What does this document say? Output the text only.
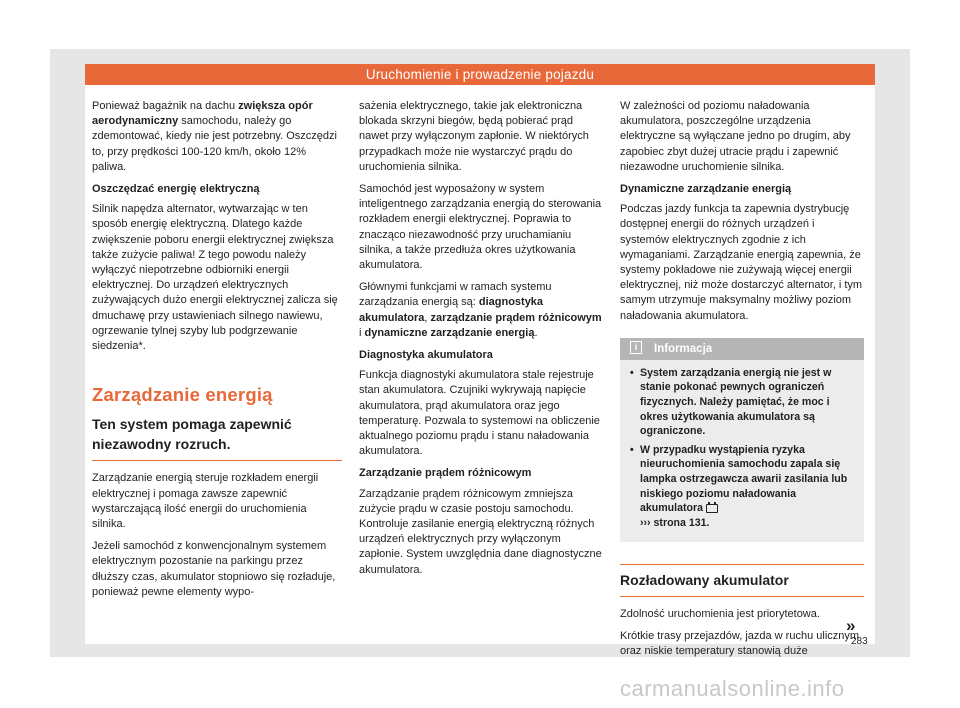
Uruchomienie i prowadzenie pojazdu

Ponieważ bagażnik na dachu zwiększa opór aerodynamiczny samochodu, należy go zdemontować, kiedy nie jest potrzebny. Oszczędzi to, przy prędkości 100-120 km/h, około 12% paliwa.

Oszczędzać energię elektryczną

Silnik napędza alternator, wytwarzając w ten sposób energię elektryczną. Dlatego każde zwiększenie poboru energii elektrycznej zwiększa także zużycie paliwa! Z tego powodu należy wyłączyć niepotrzebne odbiorniki energii elektrycznej. Do urządzeń elektrycznych zużywających dużo energii elektrycznej zalicza się dmuchawę przy ustawieniach silnego nawiewu, ogrzewanie tylnej szyby lub podgrzewanie siedzenia*.

Zarządzanie energią
Ten system pomaga zapewnić niezawodny rozruch.

Zarządzanie energią steruje rozkładem energii elektrycznej i pomaga zawsze zapewnić wystarczającą ilość energii do uruchomienia silnika.

Jeżeli samochód z konwencjonalnym systemem elektrycznym pozostanie na parkingu przez dłuższy czas, akumulator stopniowo się rozładuje, ponieważ pewne elementy wypo-

sażenia elektrycznego, takie jak elektroniczna blokada skrzyni biegów, będą pobierać prąd nawet przy wyłączonym zapłonie. W niektórych przypadkach może nie wystarczyć prądu do uruchomienia silnika.

Samochód jest wyposażony w system inteligentnego zarządzania energią do sterowania rozkładem energii elektrycznej. Poprawia to znacząco niezawodność przy uruchamianiu silnika, a także przedłuża okres użytkowania akumulatora.

Głównymi funkcjami w ramach systemu zarządzania energią są: diagnostyka akumulatora, zarządzanie prądem różnicowym i dynamiczne zarządzanie energią.

Diagnostyka akumulatora

Funkcja diagnostyki akumulatora stale rejestruje stan akumulatora. Czujniki wykrywają napięcie akumulatora, prąd akumulatora oraz jego temperaturę. Pozwala to systemowi na obliczenie aktualnego poziomu prądu i stanu naładowania akumulatora.

Zarządzanie prądem różnicowym

Zarządzanie prądem różnicowym zmniejsza zużycie prądu w czasie postoju samochodu. Kontroluje zasilanie energią elektryczną różnych urządzeń elektrycznych przy wyłączonym zapłonie. System uwzględnia dane diagnostyczne akumulatora.

W zależności od poziomu naładowania akumulatora, poszczególne urządzenia elektryczne są wyłączane jedno po drugim, aby zapobiec zbyt dużej utracie prądu i zapewnić niezawodne uruchomienie silnika.

Dynamiczne zarządzanie energią

Podczas jazdy funkcja ta zapewnia dystrybucję dostępnej energii do różnych urządzeń i systemów elektrycznych zgodnie z ich wymaganiami. Zarządzanie energią zapewnia, że systemy pokładowe nie zużywają więcej energii elektrycznej, niż może dostarczyć alternator, i tym samym utrzymuje maksymalny możliwy poziom naładowania akumulatora.

i Informacja
• System zarządzania energią nie jest w stanie pokonać pewnych ograniczeń fizycznych. Należy pamiętać, że moc i okres użytkowania akumulatora są ograniczone.
• W przypadku wystąpienia ryzyka nieuruchomienia samochodu zapala się lampka ostrzegawcza awarii zasilania lub niskiego poziomu naładowania akumulatora
››› strona 131.
Rozładowany akumulator

Zdolność uruchomienia jest priorytetowa.

Krótkie trasy przejazdów, jazda w ruchu ulicznym oraz niskie temperatury stanowią duże

»
283
carmanualsonline.info
